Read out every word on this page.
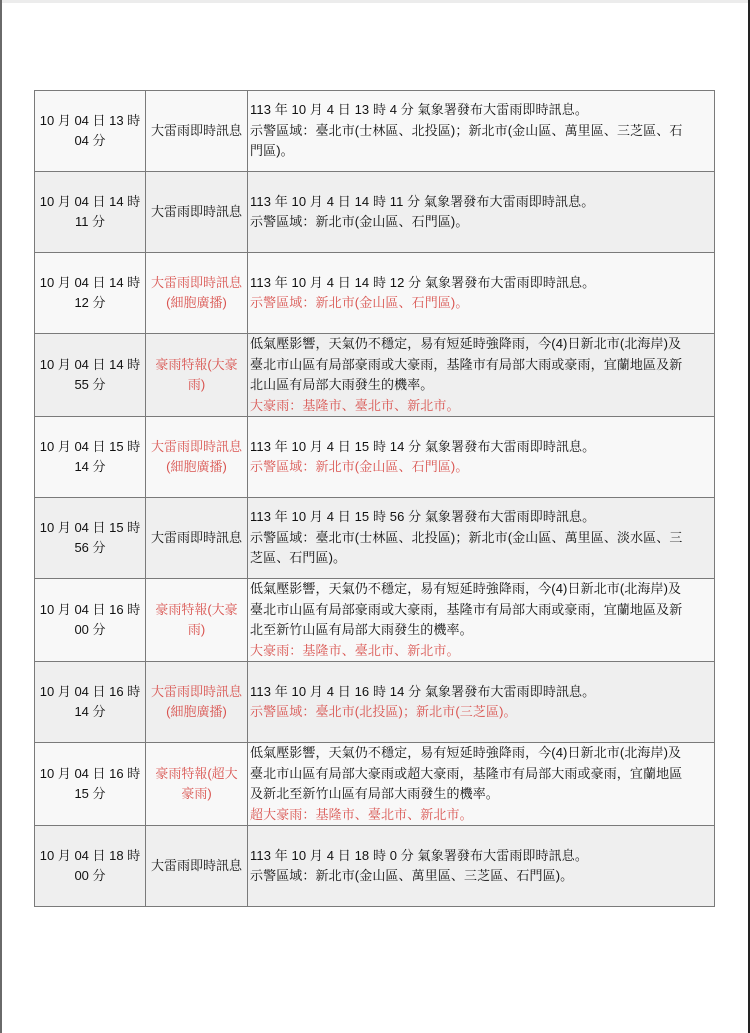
10 月 04 日 13 時
04 分	大雷雨即時訊息	113 年 10 月 4 日 13 時 4 分 氣象署發布大雷雨即時訊息。
示警區域：臺北市(士林區、北投區)；新北市(金山區、萬里區、三芝區、石
門區)。

10 月 04 日 14 時
11 分	大雷雨即時訊息	113 年 10 月 4 日 14 時 11 分 氣象署發布大雷雨即時訊息。
示警區域：新北市(金山區、石門區)。

10 月 04 日 14 時
12 分	大雷雨即時訊息
(細胞廣播)	113 年 10 月 4 日 14 時 12 分 氣象署發布大雷雨即時訊息。
示警區域：新北市(金山區、石門區)。

10 月 04 日 14 時
55 分	豪雨特報(大豪
雨)	低氣壓影響，天氣仍不穩定，易有短延時強降雨，今(4)日新北市(北海岸)及
臺北市山區有局部豪雨或大豪雨，基隆市有局部大雨或豪雨，宜蘭地區及新
北山區有局部大雨發生的機率。
大豪雨：基隆市、臺北市、新北市。

10 月 04 日 15 時
14 分	大雷雨即時訊息
(細胞廣播)	113 年 10 月 4 日 15 時 14 分 氣象署發布大雷雨即時訊息。
示警區域：新北市(金山區、石門區)。

10 月 04 日 15 時
56 分	大雷雨即時訊息	113 年 10 月 4 日 15 時 56 分 氣象署發布大雷雨即時訊息。
示警區域：臺北市(士林區、北投區)；新北市(金山區、萬里區、淡水區、三
芝區、石門區)。

10 月 04 日 16 時
00 分	豪雨特報(大豪
雨)	低氣壓影響，天氣仍不穩定，易有短延時強降雨，今(4)日新北市(北海岸)及
臺北市山區有局部豪雨或大豪雨，基隆市有局部大雨或豪雨，宜蘭地區及新
北至新竹山區有局部大雨發生的機率。
大豪雨：基隆市、臺北市、新北市。

10 月 04 日 16 時
14 分	大雷雨即時訊息
(細胞廣播)	113 年 10 月 4 日 16 時 14 分 氣象署發布大雷雨即時訊息。
示警區域：臺北市(北投區)；新北市(三芝區)。

10 月 04 日 16 時
15 分	豪雨特報(超大
豪雨)	低氣壓影響，天氣仍不穩定，易有短延時強降雨，今(4)日新北市(北海岸)及
臺北市山區有局部大豪雨或超大豪雨，基隆市有局部大雨或豪雨，宜蘭地區
及新北至新竹山區有局部大雨發生的機率。
超大豪雨：基隆市、臺北市、新北市。

10 月 04 日 18 時
00 分	大雷雨即時訊息	113 年 10 月 4 日 18 時 0 分 氣象署發布大雷雨即時訊息。
示警區域：新北市(金山區、萬里區、三芝區、石門區)。
